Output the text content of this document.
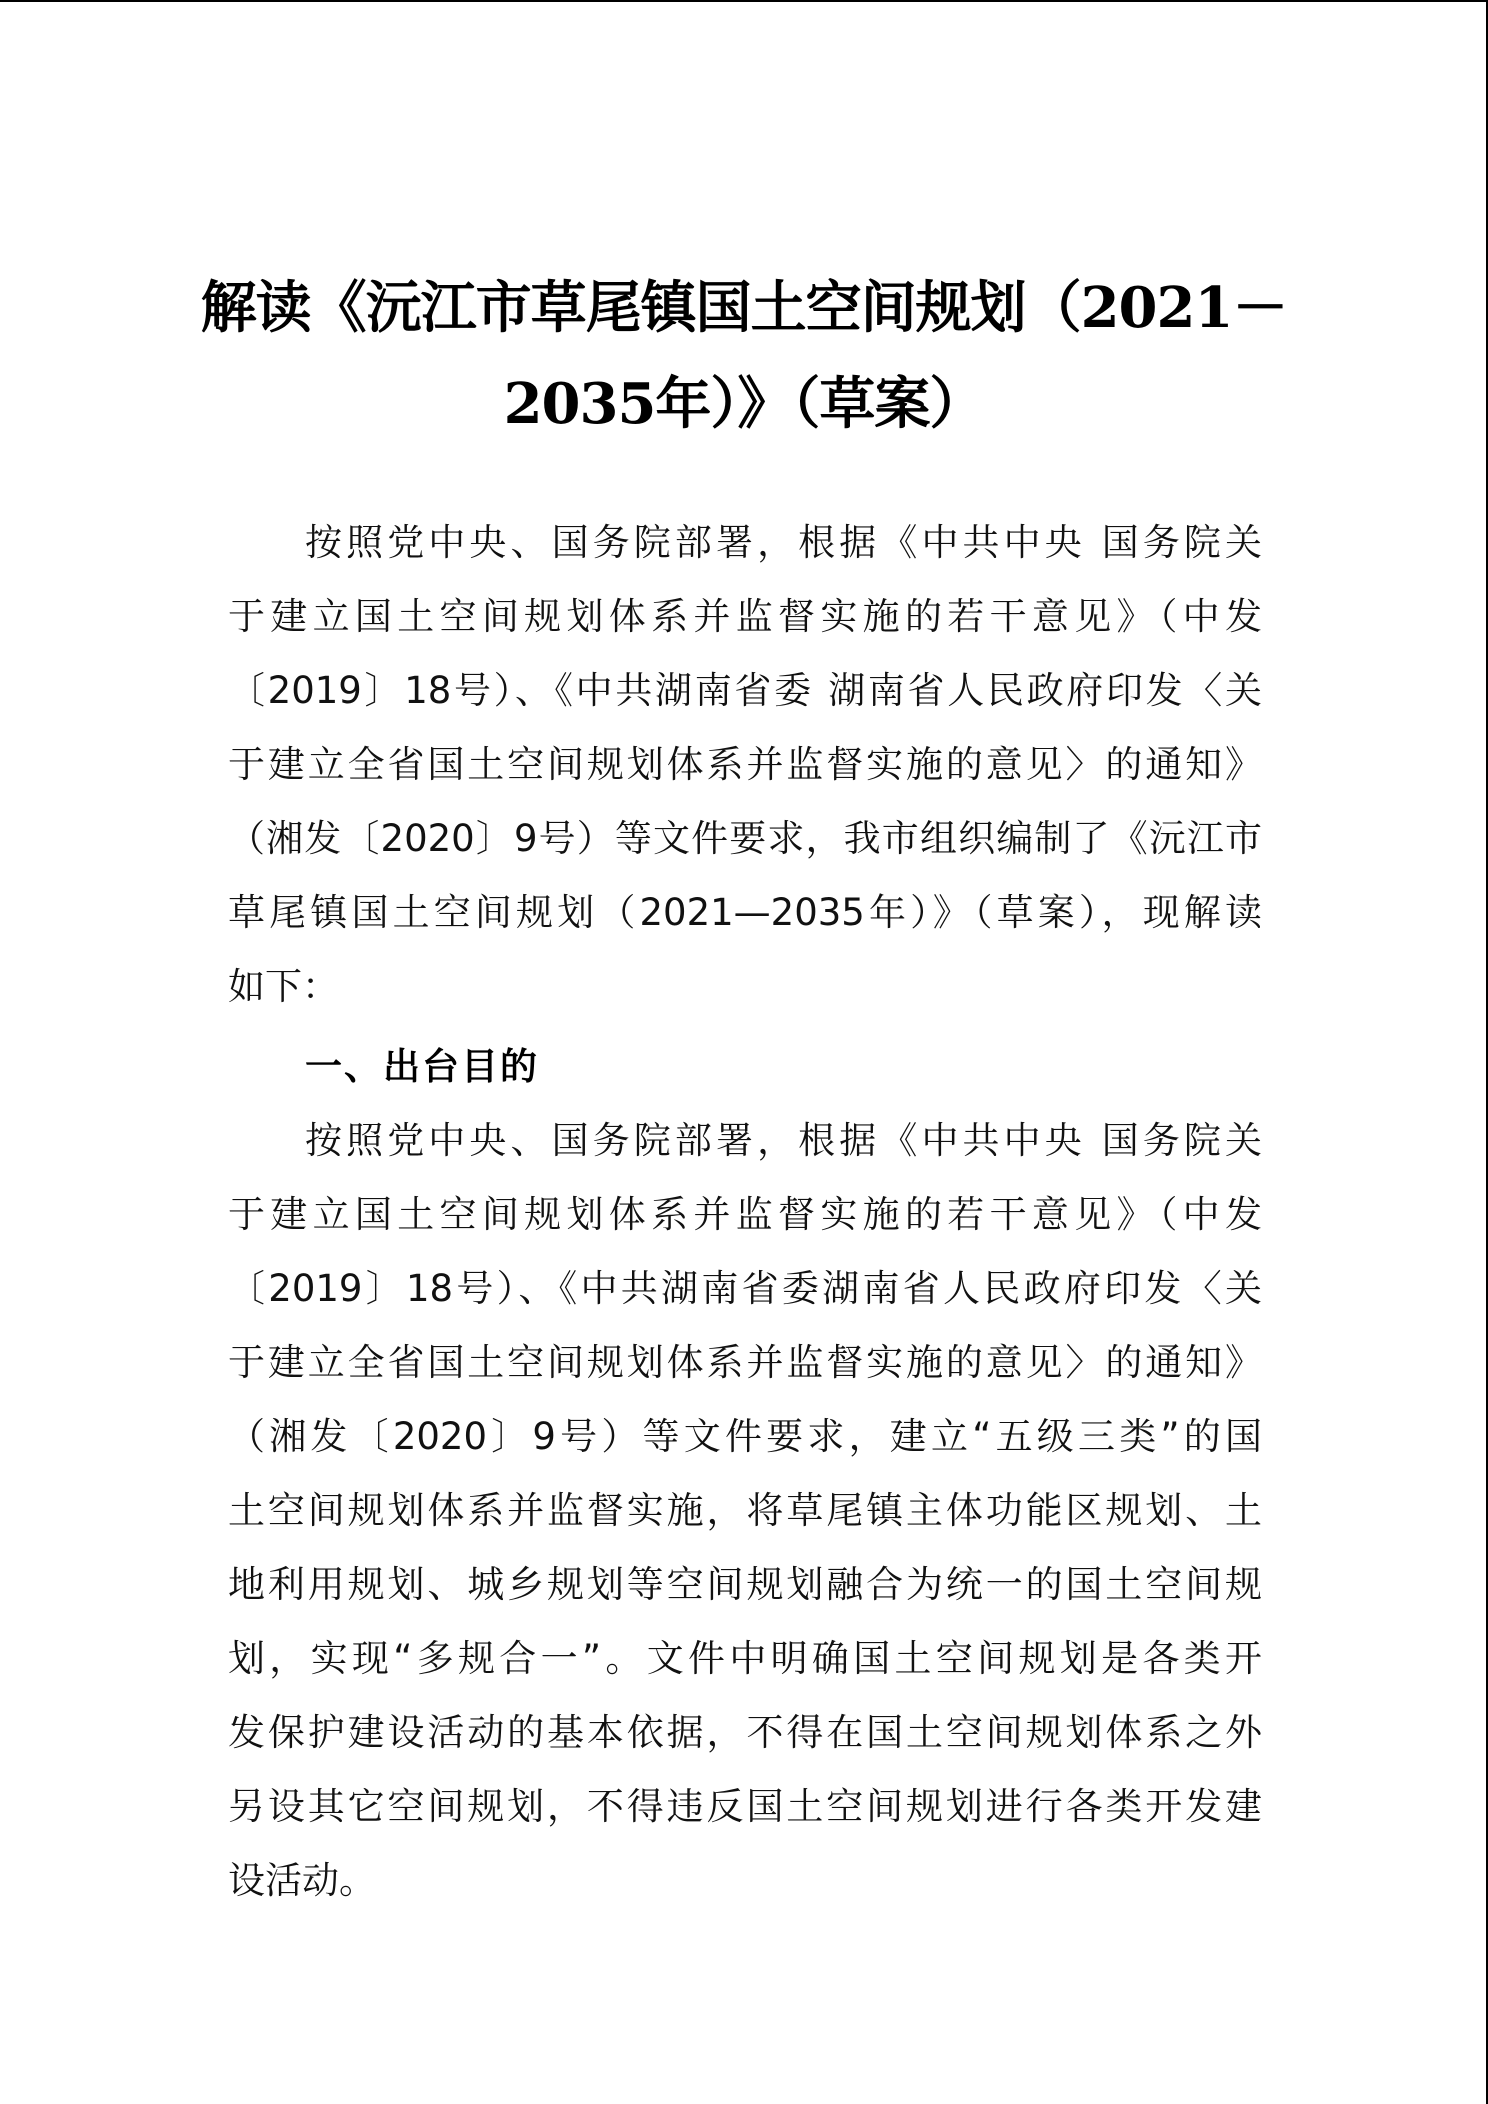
解读《沅江市草尾镇国土空间规划（2021－
2035年）》（草案）
按照党中央、国务院部署，根据《中共中央 国务院关
于建立国土空间规划体系并监督实施的若干意见》（中发
〔2019〕18号）、《中共湖南省委 湖南省人民政府印发〈关
于建立全省国土空间规划体系并监督实施的意见〉的通知》
（湘发〔2020〕9号）等文件要求，我市组织编制了《沅江市
草尾镇国土空间规划（2021—2035年）》（草案），现解读
如下：
一、出台目的
按照党中央、国务院部署，根据《中共中央 国务院关
于建立国土空间规划体系并监督实施的若干意见》（中发
〔2019〕18号）、《中共湖南省委湖南省人民政府印发〈关
于建立全省国土空间规划体系并监督实施的意见〉的通知》
（湘发〔2020〕9号）等文件要求，建立“五级三类”的国
土空间规划体系并监督实施，将草尾镇主体功能区规划、土
地利用规划、城乡规划等空间规划融合为统一的国土空间规
划，实现“多规合一”。文件中明确国土空间规划是各类开
发保护建设活动的基本依据，不得在国土空间规划体系之外
另设其它空间规划，不得违反国土空间规划进行各类开发建
设活动。
